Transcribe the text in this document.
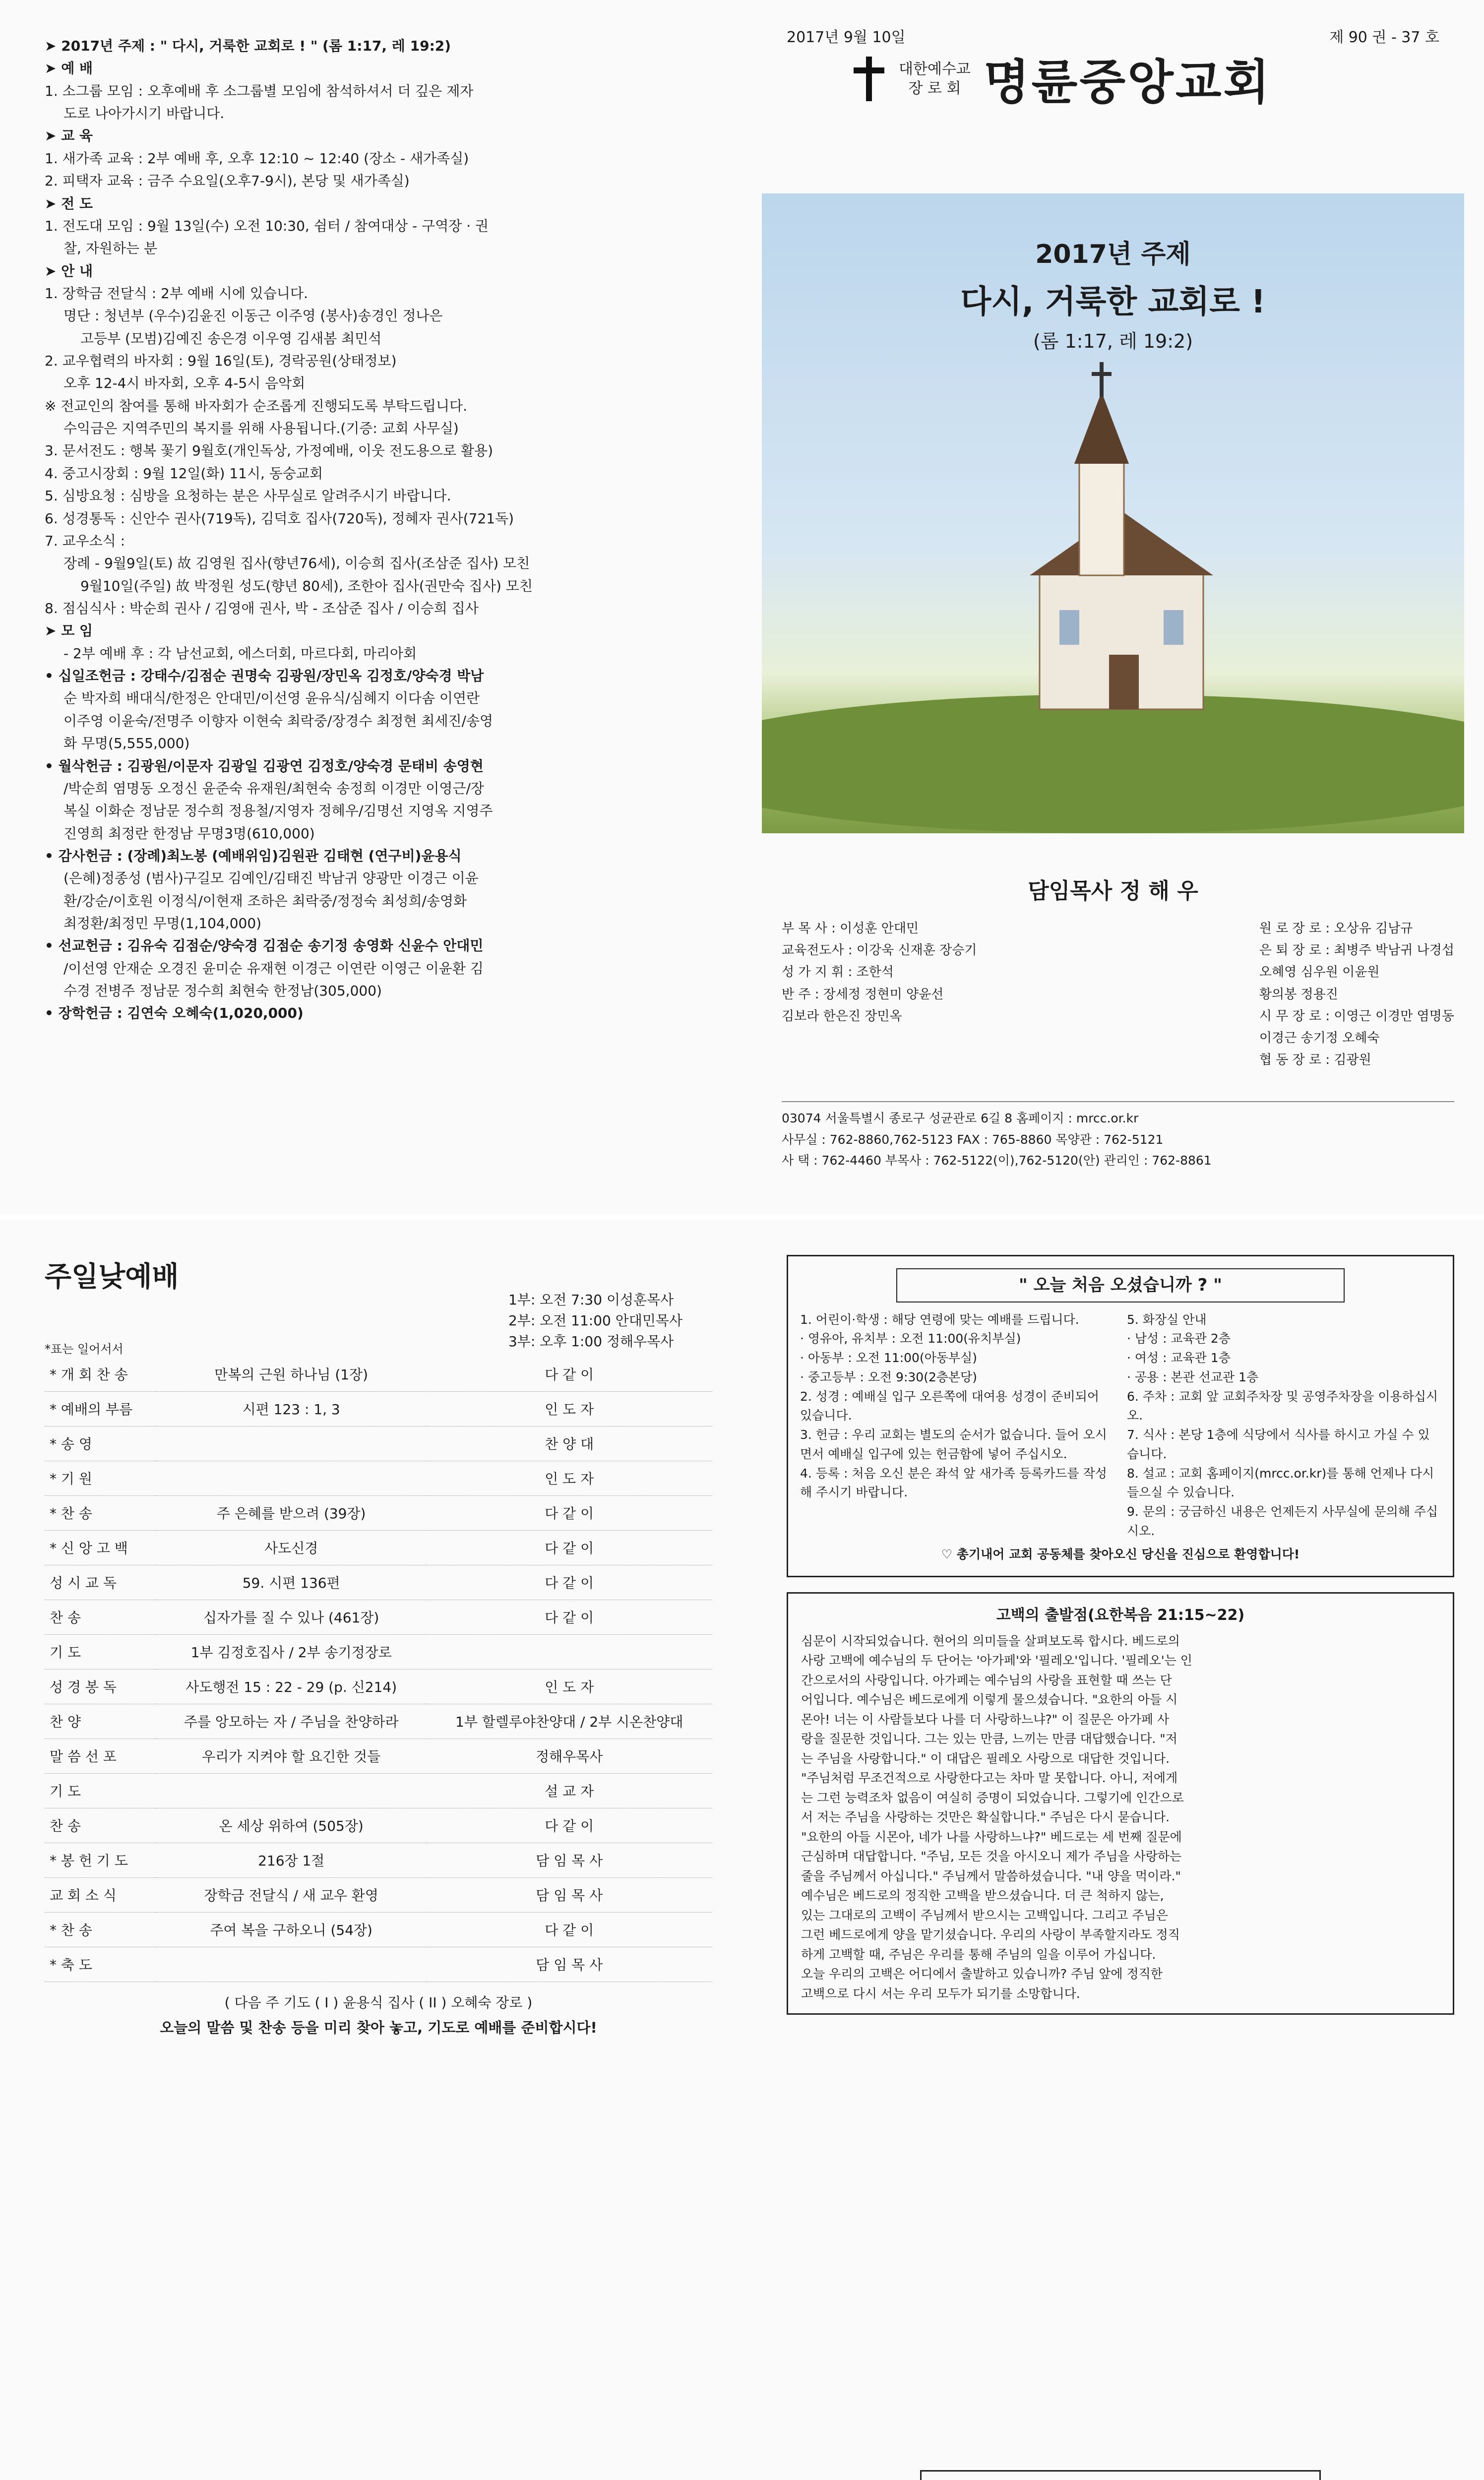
➤ 2017년 주제 : " 다시, 거룩한 교회로 ! " (롬 1:17, 레 19:2)
➤ 예 배
1. 소그룹 모임 : 오후예배 후 소그룹별 모임에 참석하셔서 더 깊은 제자
도로 나아가시기 바랍니다.
➤ 교 육
1. 새가족 교육 : 2부 예배 후, 오후 12:10 ~ 12:40 (장소 - 새가족실)
2. 피택자 교육 : 금주 수요일(오후7-9시), 본당 및 새가족실)
➤ 전 도
1. 전도대 모임 : 9월 13일(수) 오전 10:30, 쉼터 / 참여대상 - 구역장 · 권
찰, 자원하는 분
➤ 안 내
1. 장학금 전달식 : 2부 예배 시에 있습니다.
명단 : 청년부 (우수)김윤진 이동근 이주영 (봉사)송경인 정나은
고등부 (모범)김예진 송은경 이우영 김새봄 최민석
2. 교우협력의 바자회 : 9월 16일(토), 경락공원(상태정보)
오후 12-4시 바자회, 오후 4-5시 음악회
※ 전교인의 참여를 통해 바자회가 순조롭게 진행되도록 부탁드립니다.
수익금은 지역주민의 복지를 위해 사용됩니다.(기증: 교회 사무실)
3. 문서전도 : 행복 꽃기 9월호(개인독상, 가정예배, 이웃 전도용으로 활용)
4. 중고시장회 : 9월 12일(화) 11시, 동숭교회
5. 심방요청 : 심방을 요청하는 분은 사무실로 알려주시기 바랍니다.
6. 성경통독 : 신안수 권사(719독), 김덕호 집사(720독), 정혜자 권사(721독)
7. 교우소식 :
장례 - 9월9일(토) 故 김영원 집사(향년76세), 이승희 집사(조삼준 집사) 모친
9월10일(주일) 故 박정원 성도(향년 80세), 조한아 집사(권만숙 집사) 모친
8. 점심식사 : 박순희 권사 / 김영애 권사, 박 - 조삼준 집사 / 이승희 집사
➤ 모 임
- 2부 예배 후 : 각 남선교회, 에스더회, 마르다회, 마리아회
• 십일조헌금 : 강태수/김점순 권명숙 김광원/장민옥 김정호/양숙경 박남
순 박자희 배대식/한정은 안대민/이선영 윤유식/심혜지 이다솜 이연란
이주영 이윤숙/전명주 이향자 이현숙 최락중/장경수 최정현 최세진/송영
화 무명(5,555,000)
• 월삭헌금 : 김광원/이문자 김광일 김광연 김정호/양숙경 문태비 송영현
/박순희 염명동 오정신 윤준숙 유재원/최현숙 송정희 이경만 이영근/장
복실 이화순 정남문 정수희 정용철/지영자 정혜우/김명선 지영옥 지영주
진영희 최정란 한정남 무명3명(610,000)
• 감사헌금 : (장례)최노봉 (예배위임)김원관 김태현 (연구비)윤용식
(은혜)정종성 (범사)구길모 김예인/김태진 박남귀 양광만 이경근 이윤
환/강순/이호원 이정식/이현재 조하은 최락중/정정숙 최성희/송영화
최정환/최정민 무명(1,104,000)
• 선교헌금 : 김유숙 김점순/양숙경 김점순 송기정 송영화 신윤수 안대민
/이선영 안재순 오경진 윤미순 유재현 이경근 이연란 이영근 이윤환 김
수경 전병주 정남문 정수희 최현숙 한정남(305,000)
• 장학헌금 : 김연숙 오혜숙(1,020,000)
2017년 9월 10일	제 90 권 - 37 호
대한예수교
장 로 회 명륜중앙교회
2017년 주제
다시, 거룩한 교회로 !
(롬 1:17, 레 19:2)
담임목사 정 해 우
부 목 사 : 이성훈 안대민
교육전도사 : 이강욱 신재훈 장승기
성 가 지 휘 : 조한석
반 주 : 장세정 정현미 양윤선
김보라 한은진 장민옥
원 로 장 로 : 오상유 김남규
은 퇴 장 로 : 최병주 박남귀 나경섭
오혜영 심우원 이윤원
황의봉 정용진
시 무 장 로 : 이영근 이경만 염명동
이경근 송기정 오혜숙
협 동 장 로 : 김광원
03074 서울특별시 종로구 성균관로 6길 8 홈페이지 : mrcc.or.kr
사무실 : 762-8860,762-5123 FAX : 765-8860 목양관 : 762-5121
사 택 : 762-4460 부목사 : 762-5122(이),762-5120(안) 관리인 : 762-8861
주일낮예배
1부: 오전 7:30 이성훈목사
2부: 오전 11:00 안대민목사
3부: 오후 1:00 정해우목사
*표는 일어서서
* 개 회 찬 송	만복의 근원 하나님 (1장)	다 같 이
* 예배의 부름	시편 123 : 1, 3	인 도 자
* 송 영		찬 양 대
* 기 원		인 도 자
* 찬 송	주 은혜를 받으려 (39장)	다 같 이
* 신 앙 고 백	사도신경	다 같 이
성 시 교 독	59. 시편 136편	다 같 이
찬 송	십자가를 질 수 있나 (461장)	다 같 이
기 도	1부 김정호집사 / 2부 송기정장로	
성 경 봉 독	사도행전 15 : 22 - 29 (p. 신214)	인 도 자
찬 양	주를 앙모하는 자 / 주님을 찬양하라	1부 할렐루야찬양대 / 2부 시온찬양대
말 씀 선 포	우리가 지켜야 할 요긴한 것들	정해우목사
기 도		설 교 자
찬 송	온 세상 위하여 (505장)	다 같 이
* 봉 헌 기 도	216장 1절	담 임 목 사
교 회 소 식	장학금 전달식 / 새 교우 환영	담 임 목 사
* 찬 송	주여 복을 구하오니 (54장)	다 같 이
* 축 도		담 임 목 사
( 다음 주 기도 ( I ) 윤용식 집사 ( II ) 오혜숙 장로 )
오늘의 말씀 및 찬송 등을 미리 찾아 놓고, 기도로 예배를 준비합시다!
" 오늘 처음 오셨습니까 ? "
1. 어린이·학생 : 해당 연령에 맞는 예배를 드립니다.
· 영유아, 유치부 : 오전 11:00(유치부실)
· 아동부 : 오전 11:00(아동부실)
· 중고등부 : 오전 9:30(2층본당)
2. 성경 : 예배실 입구 오른쪽에 대여용 성경이 준비되어 있습니다.
3. 헌금 : 우리 교회는 별도의 순서가 없습니다. 들어 오시면서 예배실 입구에 있는 헌금함에 넣어 주십시오.
4. 등록 : 처음 오신 분은 좌석 앞 새가족 등록카드를 작성해 주시기 바랍니다.
5. 화장실 안내
· 남성 : 교육관 2층
· 여성 : 교육관 1층
· 공용 : 본관 선교관 1층
6. 주차 : 교회 앞 교회주차장 및 공영주차장을 이용하십시오.
7. 식사 : 본당 1층에 식당에서 식사를 하시고 가실 수 있습니다.
8. 설교 : 교회 홈페이지(mrcc.or.kr)를 통해 언제나 다시 들으실 수 있습니다.
9. 문의 : 궁금하신 내용은 언제든지 사무실에 문의해 주십시오.
♡ 총기내어 교회 공동체를 찾아오신 당신을 진심으로 환영합니다!
고백의 출발점(요한복음 21:15~22)
심문이 시작되었습니다. 현어의 의미들을 살펴보도록 합시다. 베드로의
사랑 고백에 예수님의 두 단어는 '아가페'와 '필레오'입니다. '필레오'는 인
간으로서의 사랑입니다. 아가페는 예수님의 사랑을 표현할 때 쓰는 단
어입니다. 예수님은 베드로에게 이렇게 물으셨습니다. "요한의 아들 시
몬아! 너는 이 사람들보다 나를 더 사랑하느냐?" 이 질문은 아가페 사
랑을 질문한 것입니다. 그는 있는 만큼, 느끼는 만큼 대답했습니다. "저
는 주님을 사랑합니다." 이 대답은 필레오 사랑으로 대답한 것입니다.
"주님처럼 무조건적으로 사랑한다고는 차마 말 못합니다. 아니, 저에게
는 그런 능력조차 없음이 여실히 증명이 되었습니다. 그렇기에 인간으로
서 저는 주님을 사랑하는 것만은 확실합니다." 주님은 다시 묻습니다.
"요한의 아들 시몬아, 네가 나를 사랑하느냐?" 베드로는 세 번째 질문에
근심하며 대답합니다. "주님, 모든 것을 아시오니 제가 주님을 사랑하는
줄을 주님께서 아십니다." 주님께서 말씀하셨습니다. "내 양을 먹이라."
예수님은 베드로의 정직한 고백을 받으셨습니다. 더 큰 척하지 않는,
있는 그대로의 고백이 주님께서 받으시는 고백입니다. 그리고 주님은
그런 베드로에게 양을 맡기셨습니다. 우리의 사랑이 부족할지라도 정직
하게 고백할 때, 주님은 우리를 통해 주님의 일을 이루어 가십니다.
오늘 우리의 고백은 어디에서 출발하고 있습니까? 주님 앞에 정직한
고백으로 다시 서는 우리 모두가 되기를 소망합니다.
